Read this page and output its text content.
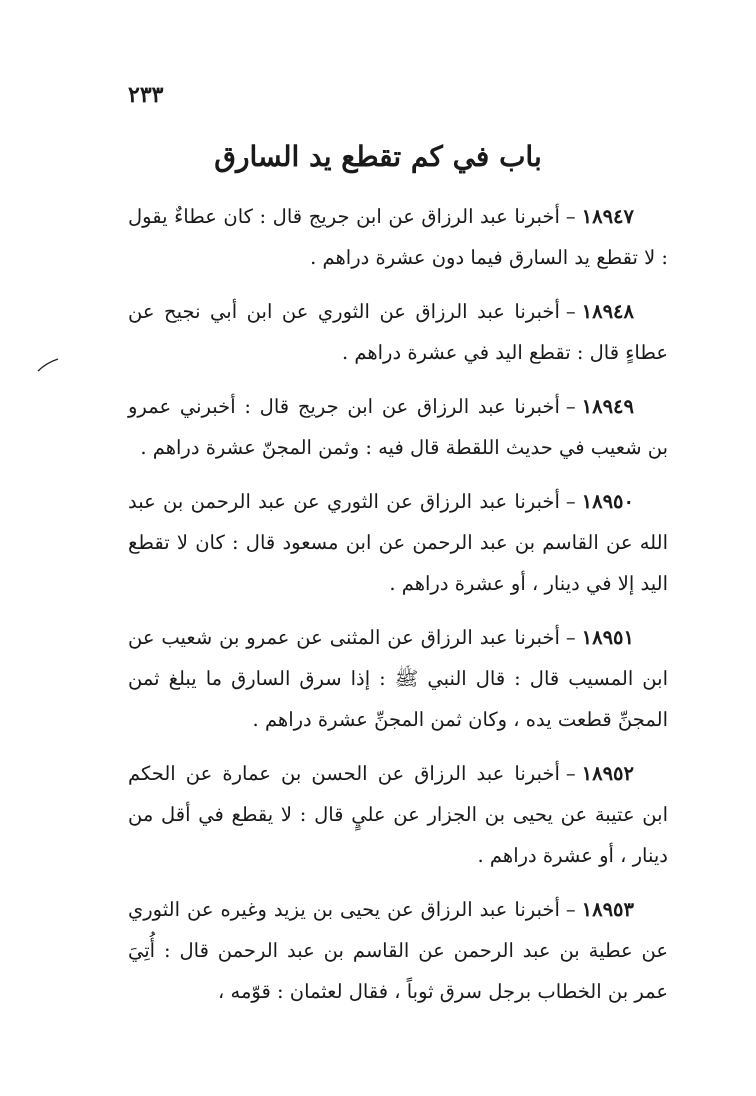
٢٣٣
باب في كم تقطع يد السارق

١٨٩٤٧–أخبرنا عبد الرزاق عن ابن جريج قال : كان عطاءٌ يقول : لا تقطع يد السارق فيما دون عشرة دراهم .

١٨٩٤٨–أخبرنا عبد الرزاق عن الثوري عن ابن أبي نجيح عن عطاءٍ قال : تقطع اليد في عشرة دراهم .

١٨٩٤٩–أخبرنا عبد الرزاق عن ابن جريج قال : أخبرني عمرو بن شعيب في حديث اللقطة قال فيه : وثمن المجنّ عشرة دراهم .

١٨٩٥٠–أخبرنا عبد الرزاق عن الثوري عن عبد الرحمن بن عبد الله عن القاسم بن عبد الرحمن عن ابن مسعود قال : كان لا تقطع اليد إلا في دينار ، أو عشرة دراهم .

١٨٩٥١–أخبرنا عبد الرزاق عن المثنى عن عمرو بن شعيب عن ابن المسيب قال : قال النبي ﷺ : إذا سرق السارق ما يبلغ ثمن المجنِّ قطعت يده ، وكان ثمن المجنِّ عشرة دراهم .

١٨٩٥٢–أخبرنا عبد الرزاق عن الحسن بن عمارة عن الحكم ابن عتيبة عن يحيى بن الجزار عن عليٍ قال : لا يقطع في أقل من دينار ، أو عشرة دراهم .

١٨٩٥٣–أخبرنا عبد الرزاق عن يحيى بن يزيد وغيره عن الثوري عن عطية بن عبد الرحمن عن القاسم بن عبد الرحمن قال : أُتِيَ عمر بن الخطاب برجل سرق ثوباً ، فقال لعثمان : قوّمه ،
